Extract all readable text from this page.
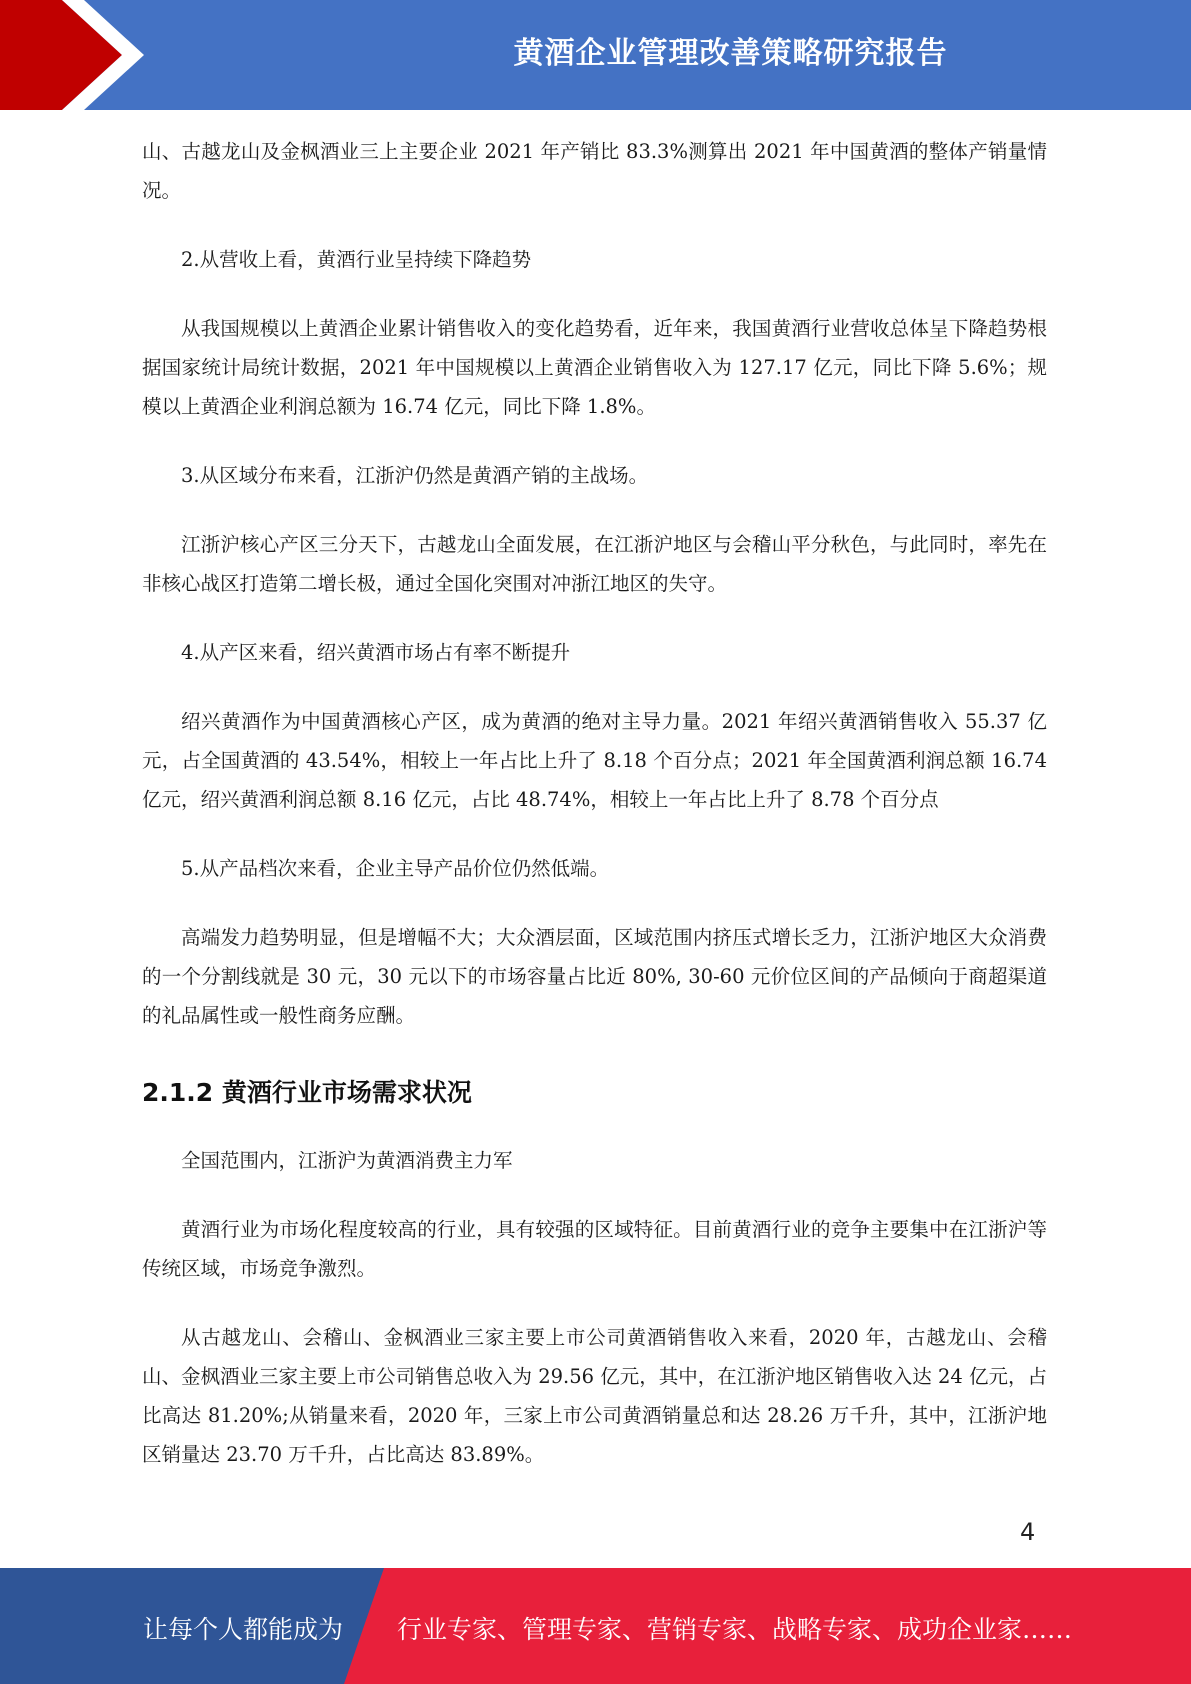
黄酒企业管理改善策略研究报告

山、古越龙山及金枫酒业三上主要企业 2021 年产销比 83.3%测算出 2021 年中国黄酒的整体产销量情况。

2.从营收上看，黄酒行业呈持续下降趋势

从我国规模以上黄酒企业累计销售收入的变化趋势看，近年来，我国黄酒行业营收总体呈下降趋势根据国家统计局统计数据，2021 年中国规模以上黄酒企业销售收入为 127.17 亿元，同比下降 5.6%；规模以上黄酒企业利润总额为 16.74 亿元，同比下降 1.8%。

3.从区域分布来看，江浙沪仍然是黄酒产销的主战场。

江浙沪核心产区三分天下，古越龙山全面发展，在江浙沪地区与会稽山平分秋色，与此同时，率先在非核心战区打造第二增长极，通过全国化突围对冲浙江地区的失守。

4.从产区来看，绍兴黄酒市场占有率不断提升

绍兴黄酒作为中国黄酒核心产区，成为黄酒的绝对主导力量。2021 年绍兴黄酒销售收入 55.37 亿元，占全国黄酒的 43.54%，相较上一年占比上升了 8.18 个百分点；2021 年全国黄酒利润总额 16.74 亿元，绍兴黄酒利润总额 8.16 亿元，占比 48.74%，相较上一年占比上升了 8.78 个百分点

5.从产品档次来看，企业主导产品价位仍然低端。

高端发力趋势明显，但是增幅不大；大众酒层面，区域范围内挤压式增长乏力，江浙沪地区大众消费的一个分割线就是 30 元，30 元以下的市场容量占比近 80%, 30-60 元价位区间的产品倾向于商超渠道的礼品属性或一般性商务应酬。

2.1.2 黄酒行业市场需求状况

全国范围内，江浙沪为黄酒消费主力军

黄酒行业为市场化程度较高的行业，具有较强的区域特征。目前黄酒行业的竞争主要集中在江浙沪等传统区域，市场竞争激烈。

从古越龙山、会稽山、金枫酒业三家主要上市公司黄酒销售收入来看，2020 年，古越龙山、会稽山、金枫酒业三家主要上市公司销售总收入为 29.56 亿元，其中，在江浙沪地区销售收入达 24 亿元，占比高达 81.20%;从销量来看，2020 年，三家上市公司黄酒销量总和达 28.26 万千升，其中，江浙沪地区销量达 23.70 万千升，占比高达 83.89%。

4
让每个人都能成为 行业专家、管理专家、营销专家、战略专家、成功企业家……
